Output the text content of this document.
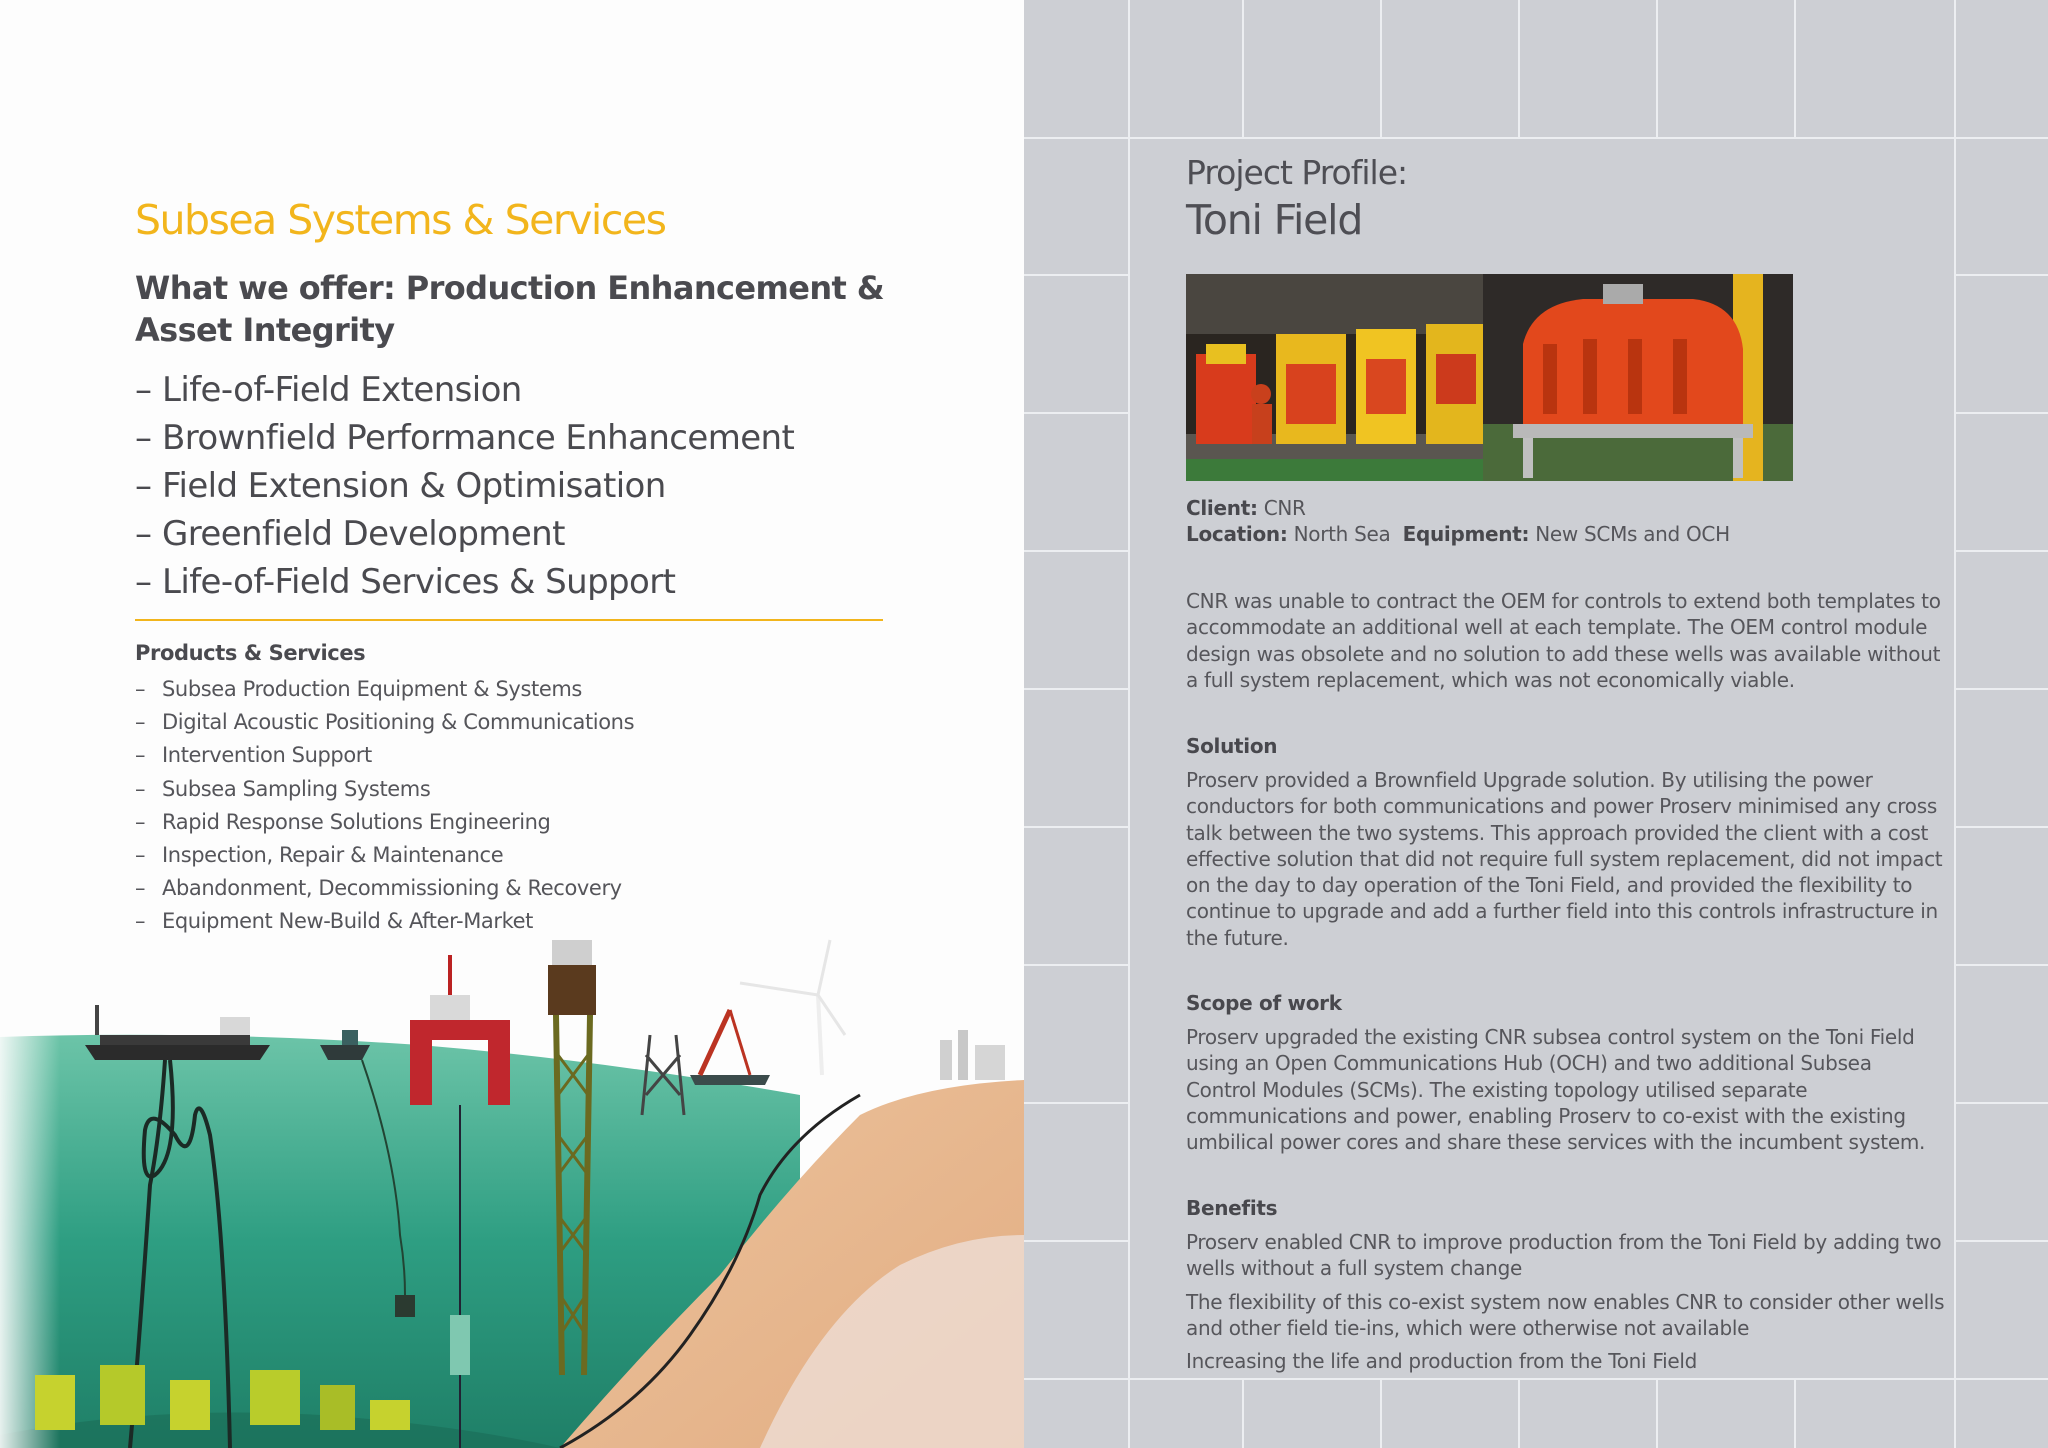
Subsea Systems & Services
What we offer: Production Enhancement & Asset Integrity
– Life-of-Field Extension
– Brownfield Performance Enhancement
– Field Extension & Optimisation
– Greenfield Development
– Life-of-Field Services & Support
Products & Services
– Subsea Production Equipment & Systems
– Digital Acoustic Positioning & Communications
– Intervention Support
– Subsea Sampling Systems
– Rapid Response Solutions Engineering
– Inspection, Repair & Maintenance
– Abandonment, Decommissioning & Recovery
– Equipment New-Build & After-Market
Project Profile:
Toni Field
Client: CNR
Location: North Sea Equipment: New SCMs and OCH

CNR was unable to contract the OEM for controls to extend both templates to accommodate an additional well at each template. The OEM control module design was obsolete and no solution to add these wells was available without a full system replacement, which was not economically viable.

Solution

Proserv provided a Brownfield Upgrade solution. By utilising the power conductors for both communications and power Proserv minimised any cross talk between the two systems. This approach provided the client with a cost effective solution that did not require full system replacement, did not impact on the day to day operation of the Toni Field, and provided the flexibility to continue to upgrade and add a further field into this controls infrastructure in the future.

Scope of work

Proserv upgraded the existing CNR subsea control system on the Toni Field using an Open Communications Hub (OCH) and two additional Subsea Control Modules (SCMs). The existing topology utilised separate communications and power, enabling Proserv to co-exist with the existing umbilical power cores and share these services with the incumbent system.

Benefits

Proserv enabled CNR to improve production from the Toni Field by adding two wells without a full system change

The flexibility of this co-exist system now enables CNR to consider other wells and other field tie-ins, which were otherwise not available

Increasing the life and production from the Toni Field
